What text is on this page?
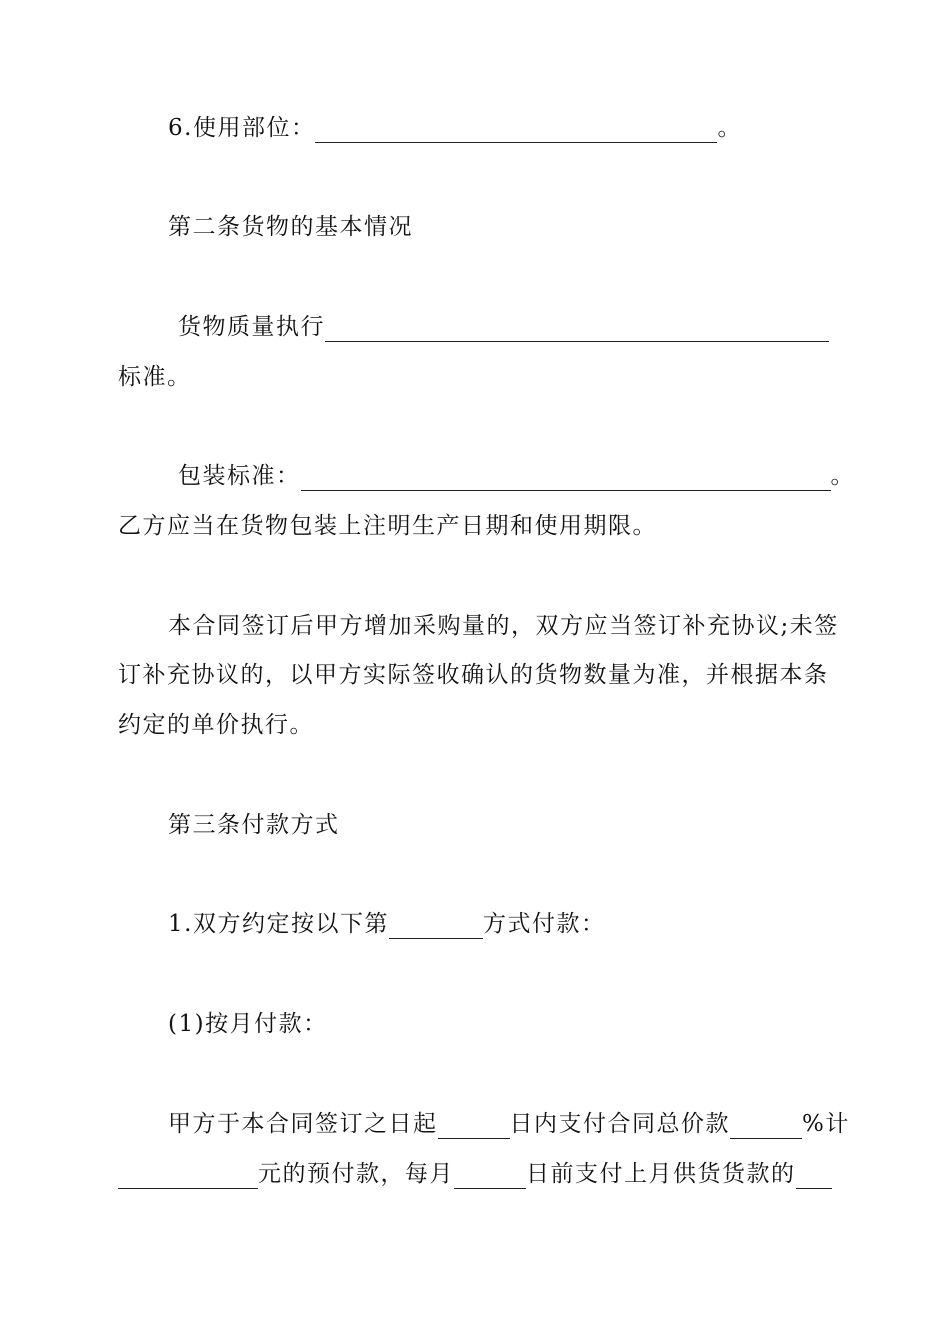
6.使用部位：	。
第二条货物的基本情况
货物质量执行
标准。
包装标准：	。
乙方应当在货物包装上注明生产日期和使用期限。
本合同签订后甲方增加采购量的，双方应当签订补充协议;未签
订补充协议的，以甲方实际签收确认的货物数量为准，并根据本条
约定的单价执行。
第三条付款方式
1.双方约定按以下第	方式付款：
(1)按月付款：
甲方于本合同签订之日起	日内支付合同总价款	%计
元的预付款，每月	日前支付上月供货货款的
